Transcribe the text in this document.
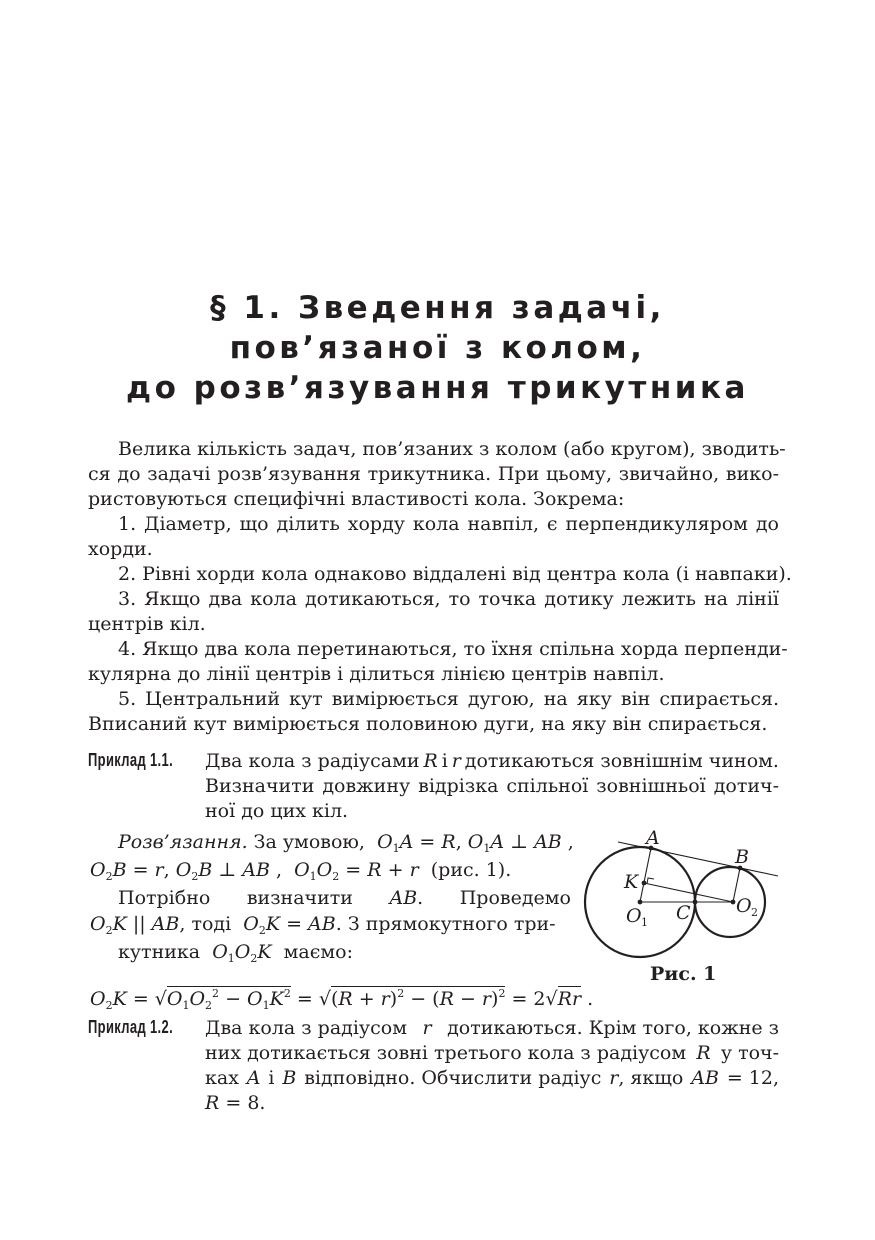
§ 1. Зведення задачі,
пов’язаної з колом,
до розв’язування трикутника
Велика кількість задач, пов’язаних з колом (або кругом), зводить-
ся до задачі розв’язування трикутника. При цьому, звичайно, вико-
ристовуються специфічні властивості кола. Зокрема:
1. Діаметр, що ділить хорду кола навпіл, є перпендикуляром до
хорди.
2. Рівні хорди кола однаково віддалені від центра кола (і навпаки).
3. Якщо два кола дотикаються, то точка дотику лежить на лінії
центрів кіл.
4. Якщо два кола перетинаються, то їхня спільна хорда перпенди-
кулярна до лінії центрів і ділиться лінією центрів навпіл.
5. Центральний кут вимірюється дугою, на яку він спирається.
Вписаний кут вимірюється половиною дуги, на яку він спирається.
Приклад 1.1. Два кола з радіусами R і r дотикаються зовнішнім чином.
Визначити довжину відрізка спільної зовнішньої дотич-
ної до цих кіл.
Розв’язання. За умовою, $O_1A = R$, $O_1A$ ⊥ AB ,
$O_2B = r$, $O_2B$ ⊥ AB ,  $O_1O_2 = R + r$ (рис. 1).
Потрібно визначити AB. Проведемо
$O_2K$ || AB, тоді $O_2K$ = AB. З прямокутного три-
кутника $O_1O_2K$ маємо:
$O_2K = √O_1O_2^2 - O_1K^2 = √(R + r)^2 - (R - r)^2 = 2√Rr$ .
A
B
K
C
O	O
1
2
Рис. 1
Приклад 1.2. Два кола з радіусом r дотикаються. Крім того, кожне з
них дотикається зовні третього кола з радіусом R у точ-
ках A і B відповідно. Обчислити радіус r, якщо AB = 12,
R = 8.
